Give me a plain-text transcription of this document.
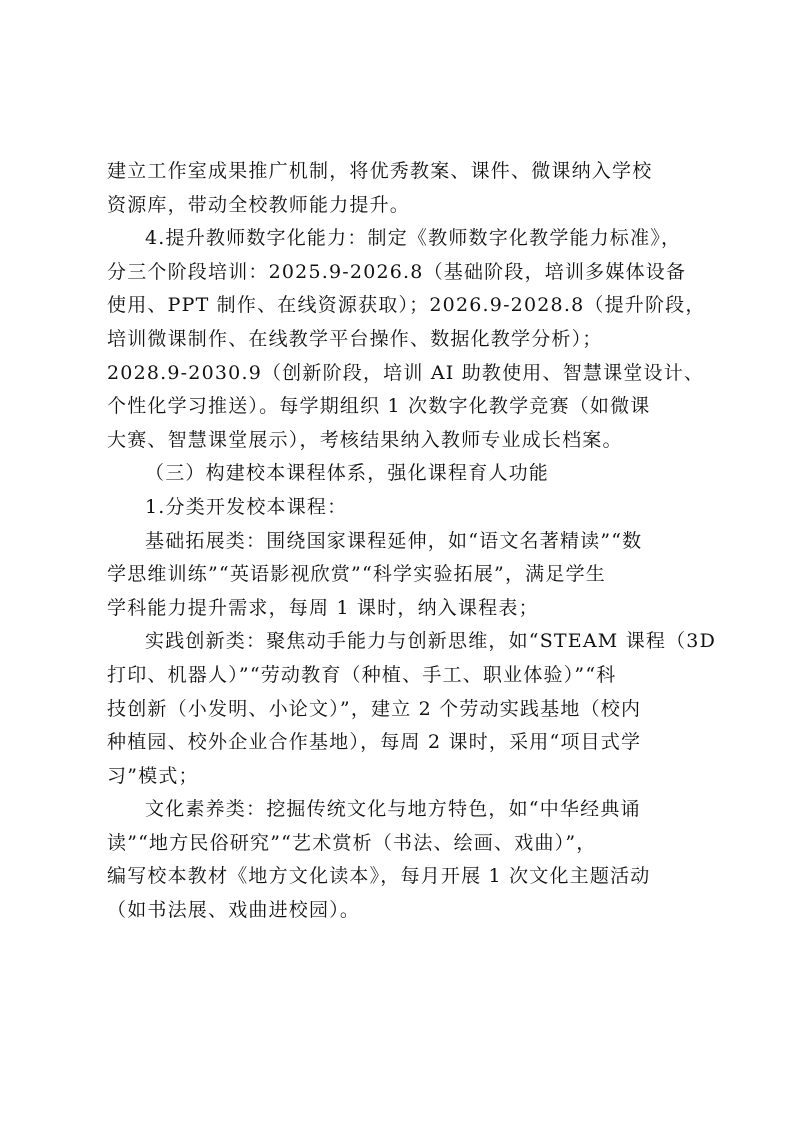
建立工作室成果推广机制，将优秀教案、课件、微课纳入学校
资源库，带动全校教师能力提升。
4.提升教师数字化能力：制定《教师数字化教学能力标准》，
分三个阶段培训：2025.9-2026.8（基础阶段，培训多媒体设备
使用、PPT 制作、在线资源获取）；2026.9-2028.8（提升阶段，
培训微课制作、在线教学平台操作、数据化教学分析）；
2028.9-2030.9（创新阶段，培训 AI 助教使用、智慧课堂设计、
个性化学习推送）。每学期组织 1 次数字化教学竞赛（如微课
大赛、智慧课堂展示），考核结果纳入教师专业成长档案。
（三）构建校本课程体系，强化课程育人功能
1.分类开发校本课程：
基础拓展类：围绕国家课程延伸，如“语文名著精读”“数
学思维训练”“英语影视欣赏”“科学实验拓展”，满足学生
学科能力提升需求，每周 1 课时，纳入课程表；
实践创新类：聚焦动手能力与创新思维，如“STEAM 课程（3D
打印、机器人）”“劳动教育（种植、手工、职业体验）”“科
技创新（小发明、小论文）”，建立 2 个劳动实践基地（校内
种植园、校外企业合作基地），每周 2 课时，采用“项目式学
习”模式；
文化素养类：挖掘传统文化与地方特色，如“中华经典诵
读”“地方民俗研究”“艺术赏析（书法、绘画、戏曲）”，
编写校本教材《地方文化读本》，每月开展 1 次文化主题活动
（如书法展、戏曲进校园）。
